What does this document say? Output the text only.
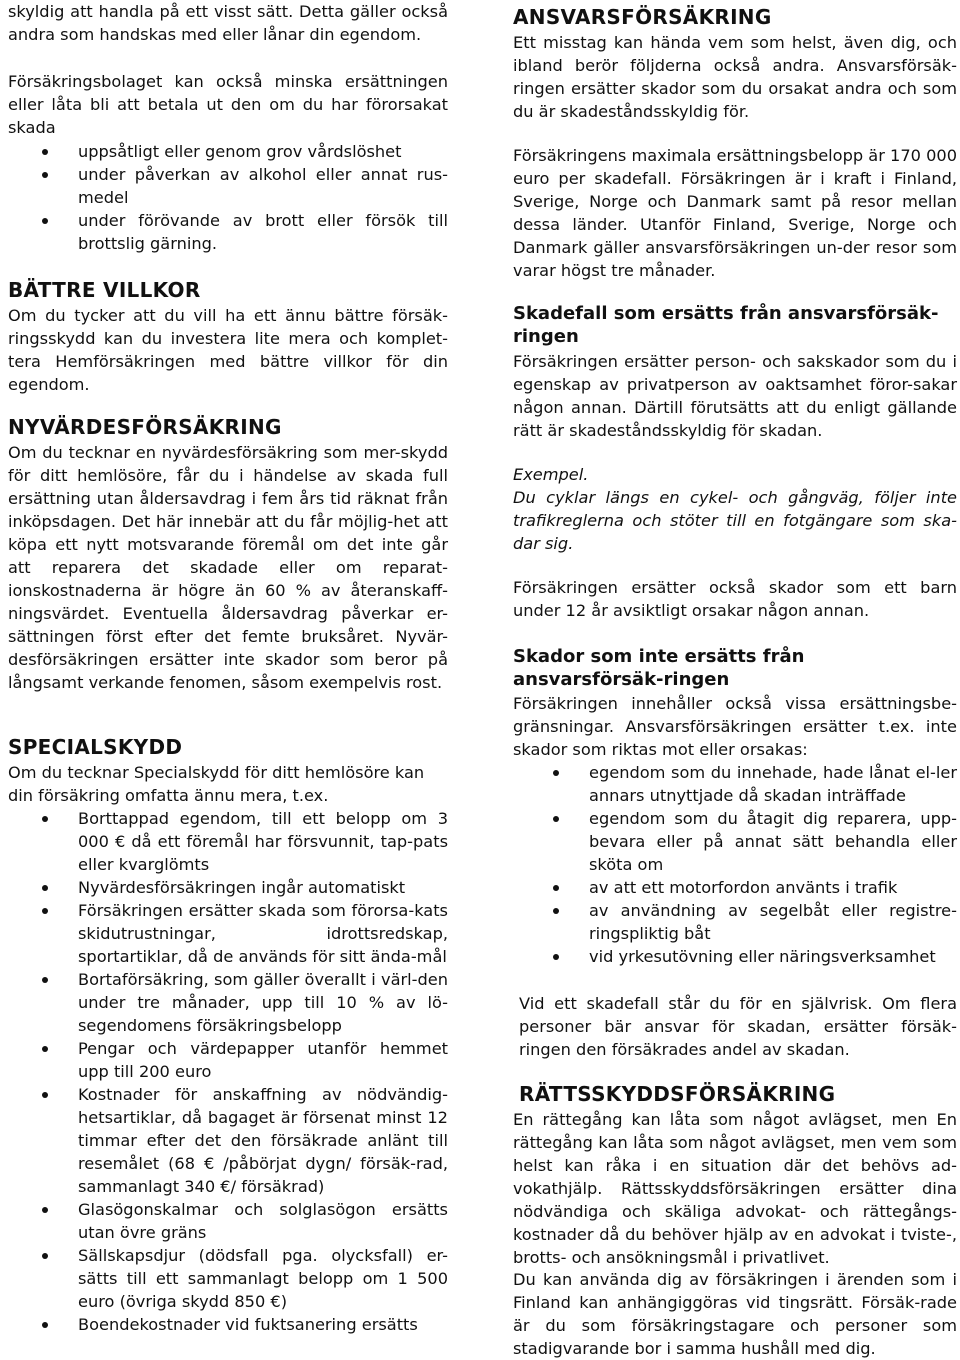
skyldig att handla på ett visst sätt. Detta gäller också andra som handskas med eller lånar din egendom.

Försäkringsbolaget kan också minska ersättningen eller låta bli att betala ut den om du har förorsakat skada

uppsåtligt eller genom grov vårdslöshet
under påverkan av alkohol eller annat rus-medel
under förövande av brott eller försök till brottslig gärning.
BÄTTRE VILLKOR

Om du tycker att du vill ha ett ännu bättre försäk-ringsskydd kan du investera lite mera och komplet-tera Hemförsäkringen med bättre villkor för din egendom.

NYVÄRDESFÖRSÄKRING

Om du tecknar en nyvärdesförsäkring som mer-skydd för ditt hemlösöre, får du i händelse av skada full ersättning utan åldersavdrag i fem års tid räknat från inköpsdagen. Det här innebär att du får möjlig-het att köpa ett nytt motsvarande föremål om det inte går att reparera det skadade eller om reparat-ionskostnaderna är högre än 60 % av återanskaff-ningsvärdet. Eventuella åldersavdrag påverkar er-sättningen först efter det femte bruksåret. Nyvär-desförsäkringen ersätter inte skador som beror på långsamt verkande fenomen, såsom exempelvis rost.

SPECIALSKYDD

Om du tecknar Specialskydd för ditt hemlösöre kan din försäkring omfatta ännu mera, t.ex.

Borttappad egendom, till ett belopp om 3 000 € då ett föremål har försvunnit, tap-pats eller kvarglömts
Nyvärdesförsäkringen ingår automatiskt
Försäkringen ersätter skada som förorsa-kats skidutrustningar, idrottsredskap, sportartiklar, då de används för sitt ända-mål
Bortaförsäkring, som gäller överallt i värl-den under tre månader, upp till 10 % av lö-segendomens försäkringsbelopp
Pengar och värdepapper utanför hemmet upp till 200 euro
Kostnader för anskaffning av nödvändig-hetsartiklar, då bagaget är försenat minst 12 timmar efter det den försäkrade anlänt till resemålet (68 € /påbörjat dygn/ försäk-rad, sammanlagt 340 €/ försäkrad)
Glasögonskalmar och solglasögon ersätts utan övre gräns
Sällskapsdjur (dödsfall pga. olycksfall) er-sätts till ett sammanlagt belopp om 1 500 euro (övriga skydd 850 €)
Boendekostnader vid fuktsanering ersätts
ANSVARSFÖRSÄKRING

Ett misstag kan hända vem som helst, även dig, och ibland berör följderna också andra. Ansvarsförsäk-ringen ersätter skador som du orsakat andra och som du är skadeståndsskyldig för.

Försäkringens maximala ersättningsbelopp är 170 000 euro per skadefall. Försäkringen är i kraft i Finland, Sverige, Norge och Danmark samt på resor mellan dessa länder. Utanför Finland, Sverige, Norge och Danmark gäller ansvarsförsäkringen un-der resor som varar högst tre månader.

Skadefall som ersätts från ansvarsförsäk-ringen

Försäkringen ersätter person- och sakskador som du i egenskap av privatperson av oaktsamhet föror-sakar någon annan. Därtill förutsätts att du enligt gällande rätt är skadeståndsskyldig för skadan.

Exempel.

Du cyklar längs en cykel- och gångväg, följer inte trafikreglerna och stöter till en fotgängare som ska-dar sig.

Försäkringen ersätter också skador som ett barn under 12 år avsiktligt orsakar någon annan.

Skador som inte ersätts från ansvarsförsäk-ringen

Försäkringen innehåller också vissa ersättningsbe-gränsningar. Ansvarsförsäkringen ersätter t.ex. inte skador som riktas mot eller orsakas:

egendom som du innehade, hade lånat el-ler annars utnyttjade då skadan inträffade
egendom som du åtagit dig reparera, upp-bevara eller på annat sätt behandla eller sköta om
av att ett motorfordon använts i trafik
av användning av segelbåt eller registre-ringspliktig båt
vid yrkesutövning eller näringsverksamhet

Vid ett skadefall står du för en självrisk. Om flera personer bär ansvar för skadan, ersätter försäk-ringen den försäkrades andel av skadan.

RÄTTSSKYDDSFÖRSÄKRING

En rättegång kan låta som något avlägset, men En rättegång kan låta som något avlägset, men vem som helst kan råka i en situation där det behövs ad-vokathjälp. Rättsskyddsförsäkringen ersätter dina nödvändiga och skäliga advokat- och rättegångs-kostnader då du behöver hjälp av en advokat i tviste-, brotts- och ansökningsmål i privatlivet.

Du kan använda dig av försäkringen i ärenden som i Finland kan anhängiggöras vid tingsrätt. Försäk-rade är du som försäkringstagare och personer som stadigvarande bor i samma hushåll med dig.
